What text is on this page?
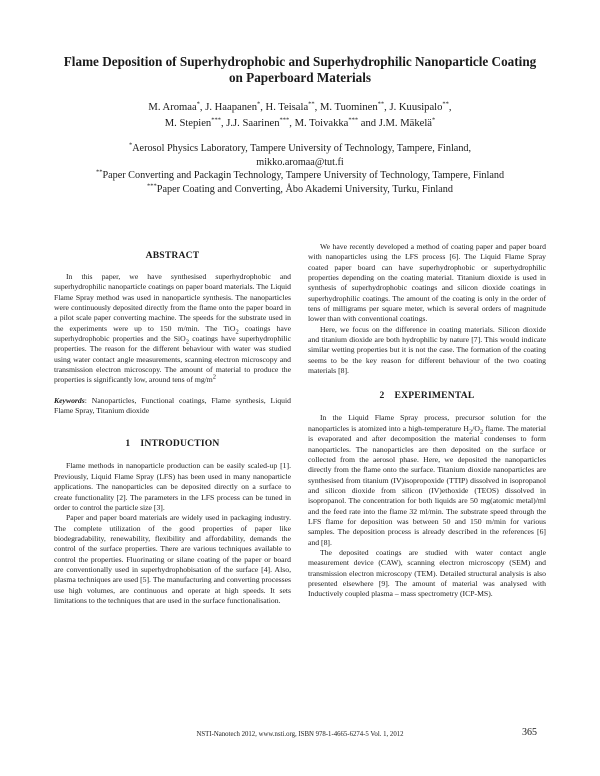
Flame Deposition of Superhydrophobic and Superhydrophilic Nanoparticle Coating
on Paperboard Materials
M. Aromaa*, J. Haapanen*, H. Teisala**, M. Tuominen**, J. Kuusipalo**,
M. Stepien***, J.J. Saarinen***, M. Toivakka*** and J.M. Mäkelä*

*Aerosol Physics Laboratory, Tampere University of Technology, Tampere, Finland,

mikko.aromaa@tut.fi

**Paper Converting and Packagin Technology, Tampere University of Technology, Tampere, Finland

***Paper Coating and Converting, Åbo Akademi University, Turku, Finland

ABSTRACT

In this paper, we have synthesised superhydrophobic and superhydrophilic nanoparticle coatings on paper board materials. The Liquid Flame Spray method was used in nanoparticle synthesis. The nanoparticles were continuously deposited directly from the flame onto the paper board in a pilot scale paper converting machine. The speeds for the substrate used in the experiments were up to 150 m/min. The TiO$_2$ coatings have superhydrophobic properties and the SiO$_2$ coatings have superhydrophilic properties. The reason for the different behaviour with water was studied using water contact angle measurements, scanning electron microscopy and transmission electron microscopy. The amount of material to produce the properties is significantly low, around tens of $mg/m^2$

Keywords: Nanoparticles, Functional coatings, Flame synthesis, Liquid Flame Spray, Titanium dioxide

1 INTRODUCTION

Flame methods in nanoparticle production can be easily scaled-up [1]. Previously, Liquid Flame Spray (LFS) has been used in many nanoparticle applications. The nanoparticles can be deposited directly on a surface to create functionality [2]. The parameters in the LFS process can be tuned in order to control the particle size [3].

Paper and paper board materials are widely used in packaging industry. The complete utilization of the good properties of paper like biodegradability, renewability, flexibility and affordability, demands the control of the surface properties. There are various techniques available to control the properties. Fluorinating or silane coating of the paper or board are conventionally used in superhydrophobisation of the surface [4]. Also, plasma techniques are used [5]. The manufacturing and converting processes use high volumes, are continuous and operate at high speeds. It sets limitations to the techniques that are used in the surface functionalisation.

We have recently developed a method of coating paper and paper board with nanoparticles using the LFS process [6]. The Liquid Flame Spray coated paper board can have superhydrophobic or superhydrophilic properties depending on the coating material. Titanium dioxide is used in synthesis of superhydrophobic coatings and silicon dioxide coatings in superhydrophilic coatings. The amount of the coating is only in the order of tens of milligrams per square meter, which is several orders of magnitude lower than with conventional coatings.

Here, we focus on the difference in coating materials. Silicon dioxide and titanium dioxide are both hydrophilic by nature [7]. This would indicate similar wetting properties but it is not the case. The formation of the coating seems to be the key reason for different behaviour of the two coating materials [8].

2 EXPERIMENTAL

In the Liquid Flame Spray process, precursor solution for the nanoparticles is atomized into a high-temperature $H_2/O_2$ flame. The material is evaporated and after decomposition the material condenses to form nanoparticles. The nanoparticles are then deposited on the surface or collected from the aerosol phase. Here, we deposited the nanoparticles directly from the flame onto the surface. Titanium dioxide nanoparticles are synthesised from titanium (IV)isopropoxide (TTIP) dissolved in isopropanol and silicon dioxide from silicon (IV)ethoxide (TEOS) dissolved in isopropanol. The concentration for both liquids are 50 mg(atomic metal)/ml and the feed rate into the flame 32 ml/min. The substrate speed through the LFS flame for deposition was between 50 and 150 m/min for various samples. The deposition process is already described in the references [6] and [8].

The deposited coatings are studied with water contact angle measurement device (CAW), scanning electron microscopy (SEM) and transmission electron microscopy (TEM). Detailed structural analysis is also presented elsewhere [9]. The amount of material was analysed with Inductively coupled plasma – mass spectrometry (ICP-MS).

NSTI-Nanotech 2012, www.nsti.org, ISBN 978-1-4665-6274-5 Vol. 1, 2012	365
